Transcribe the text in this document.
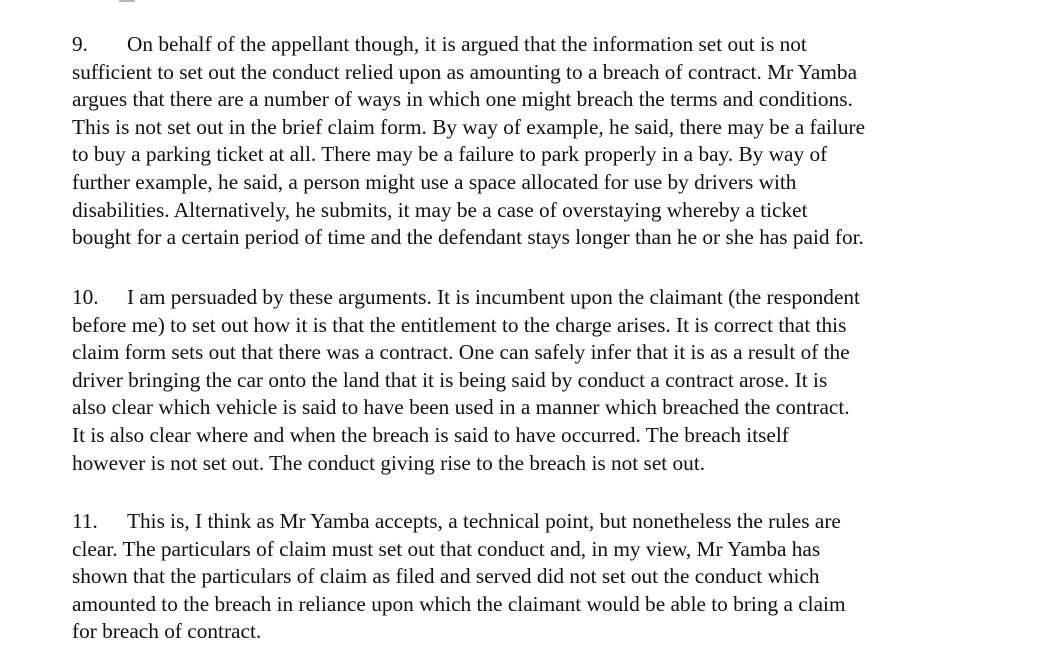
9. On behalf of the appellant though, it is argued that the information set out is not
sufficient to set out the conduct relied upon as amounting to a breach of contract. Mr Yamba
argues that there are a number of ways in which one might breach the terms and conditions.
This is not set out in the brief claim form. By way of example, he said, there may be a failure
to buy a parking ticket at all. There may be a failure to park properly in a bay. By way of
further example, he said, a person might use a space allocated for use by drivers with
disabilities. Alternatively, he submits, it may be a case of overstaying whereby a ticket
bought for a certain period of time and the defendant stays longer than he or she has paid for.

10. I am persuaded by these arguments. It is incumbent upon the claimant (the respondent
before me) to set out how it is that the entitlement to the charge arises. It is correct that this
claim form sets out that there was a contract. One can safely infer that it is as a result of the
driver bringing the car onto the land that it is being said by conduct a contract arose. It is
also clear which vehicle is said to have been used in a manner which breached the contract.
It is also clear where and when the breach is said to have occurred. The breach itself
however is not set out. The conduct giving rise to the breach is not set out.

11. This is, I think as Mr Yamba accepts, a technical point, but nonetheless the rules are
clear. The particulars of claim must set out that conduct and, in my view, Mr Yamba has
shown that the particulars of claim as filed and served did not set out the conduct which
amounted to the breach in reliance upon which the claimant would be able to bring a claim
for breach of contract.
